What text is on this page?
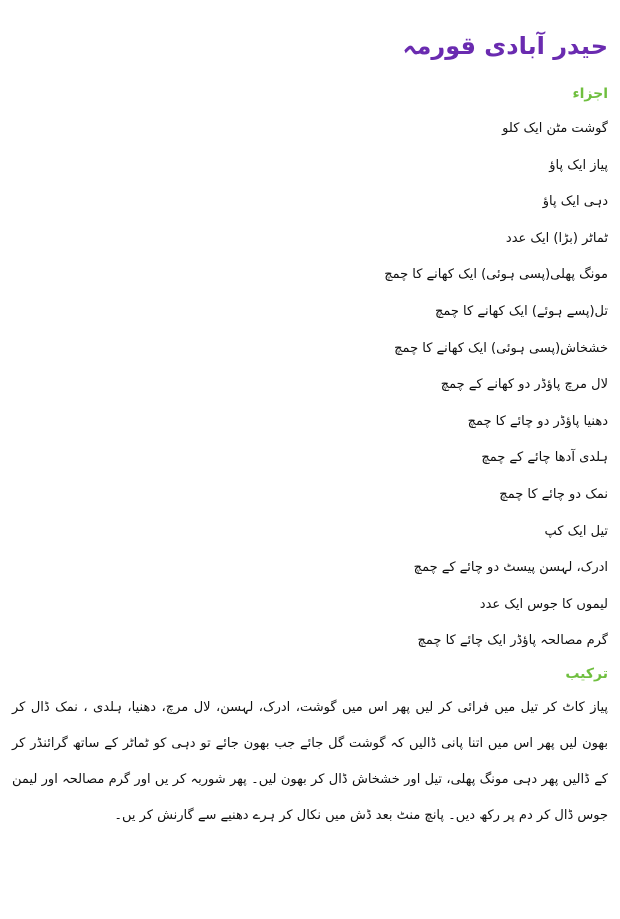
حیدر آبادی قورمہ
اجزاء
گوشت مٹن ایک کلو
پیاز ایک پاؤ
دہی ایک پاؤ
ٹماٹر (بڑا) ایک عدد
مونگ پھلی(پسی ہوئی) ایک کھانے کا چمچ
تل(پسے ہوئے) ایک کھانے کا چمچ
خشخاش(پسی ہوئی) ایک کھانے کا چمچ
لال مرچ پاؤڈر دو کھانے کے چمچ
دھنیا پاؤڈر دو چائے کا چمچ
ہلدی آدھا چائے کے چمچ
نمک دو چائے کا چمچ
تیل ایک کپ
ادرک، لہسن پیسٹ دو چائے کے چمچ
لیموں کا جوس ایک عدد
گرم مصالحہ پاؤڈر ایک چائے کا چمچ
ترکیب

پیاز کاٹ کر تیل میں فرائی کر لیں پھر اس میں گوشت، ادرک، لہسن، لال مرچ، دھنیا، ہلدی ، نمک ڈال کر بھون لیں پھر اس میں اتنا پانی ڈالیں کہ گوشت گل جائے جب بھون جائے تو دہی کو ٹماٹر کے ساتھ گرائنڈر کر کے ڈالیں پھر دہی مونگ پھلی، تیل اور خشخاش ڈال کر بھون لیں۔ پھر شوربہ کر یں اور گرم مصالحہ اور لیمن جوس ڈال کر دم پر رکھ دیں۔ پانچ منٹ بعد ڈش میں نکال کر ہرے دھنیے سے گارنش کر یں۔
